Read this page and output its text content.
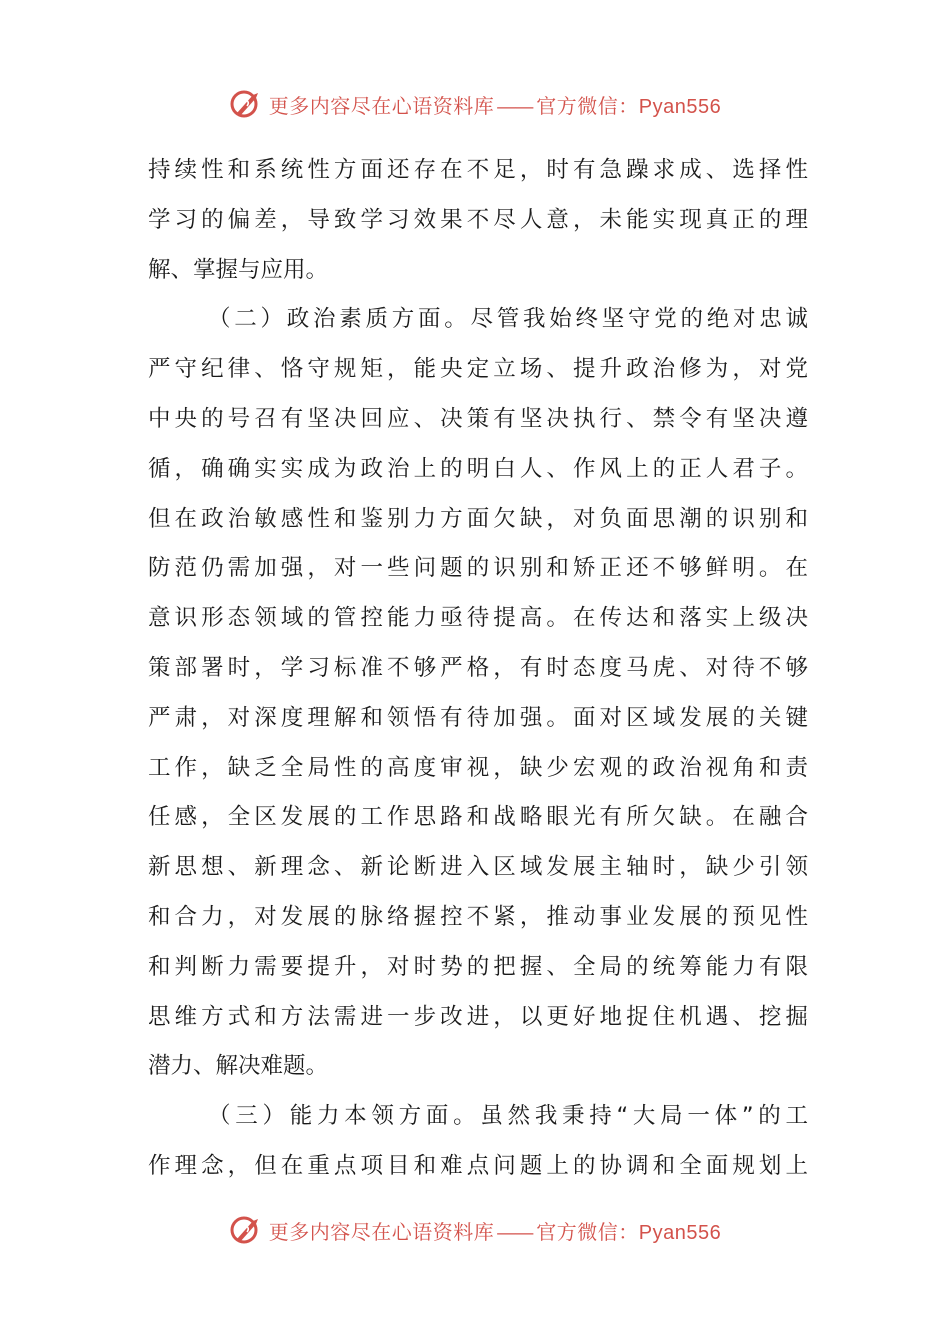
更多内容尽在心语资料库 —— 官方微信：Pyan556
持续性和系统性方面还存在不足，时有急躁求成、选择性
学习的偏差，导致学习效果不尽人意，未能实现真正的理
解、掌握与应用。
（二）政治素质方面。尽管我始终坚守党的绝对忠诚
严守纪律、恪守规矩，能央定立场、提升政治修为，对党
中央的号召有坚决回应、决策有坚决执行、禁令有坚决遵
循，确确实实成为政治上的明白人、作风上的正人君子。
但在政治敏感性和鉴别力方面欠缺，对负面思潮的识别和
防范仍需加强，对一些问题的识别和矫正还不够鲜明。在
意识形态领域的管控能力亟待提高。在传达和落实上级决
策部署时，学习标准不够严格，有时态度马虎、对待不够
严肃，对深度理解和领悟有待加强。面对区域发展的关键
工作，缺乏全局性的高度审视，缺少宏观的政治视角和责
任感，全区发展的工作思路和战略眼光有所欠缺。在融合
新思想、新理念、新论断进入区域发展主轴时，缺少引领
和合力，对发展的脉络握控不紧，推动事业发展的预见性
和判断力需要提升，对时势的把握、全局的统筹能力有限
思维方式和方法需进一步改进，以更好地捉住机遇、挖掘
潜力、解决难题。
（三）能力本领方面。虽然我秉持“大局一体”的工
作理念，但在重点项目和难点问题上的协调和全面规划上
更多内容尽在心语资料库 —— 官方微信：Pyan556
